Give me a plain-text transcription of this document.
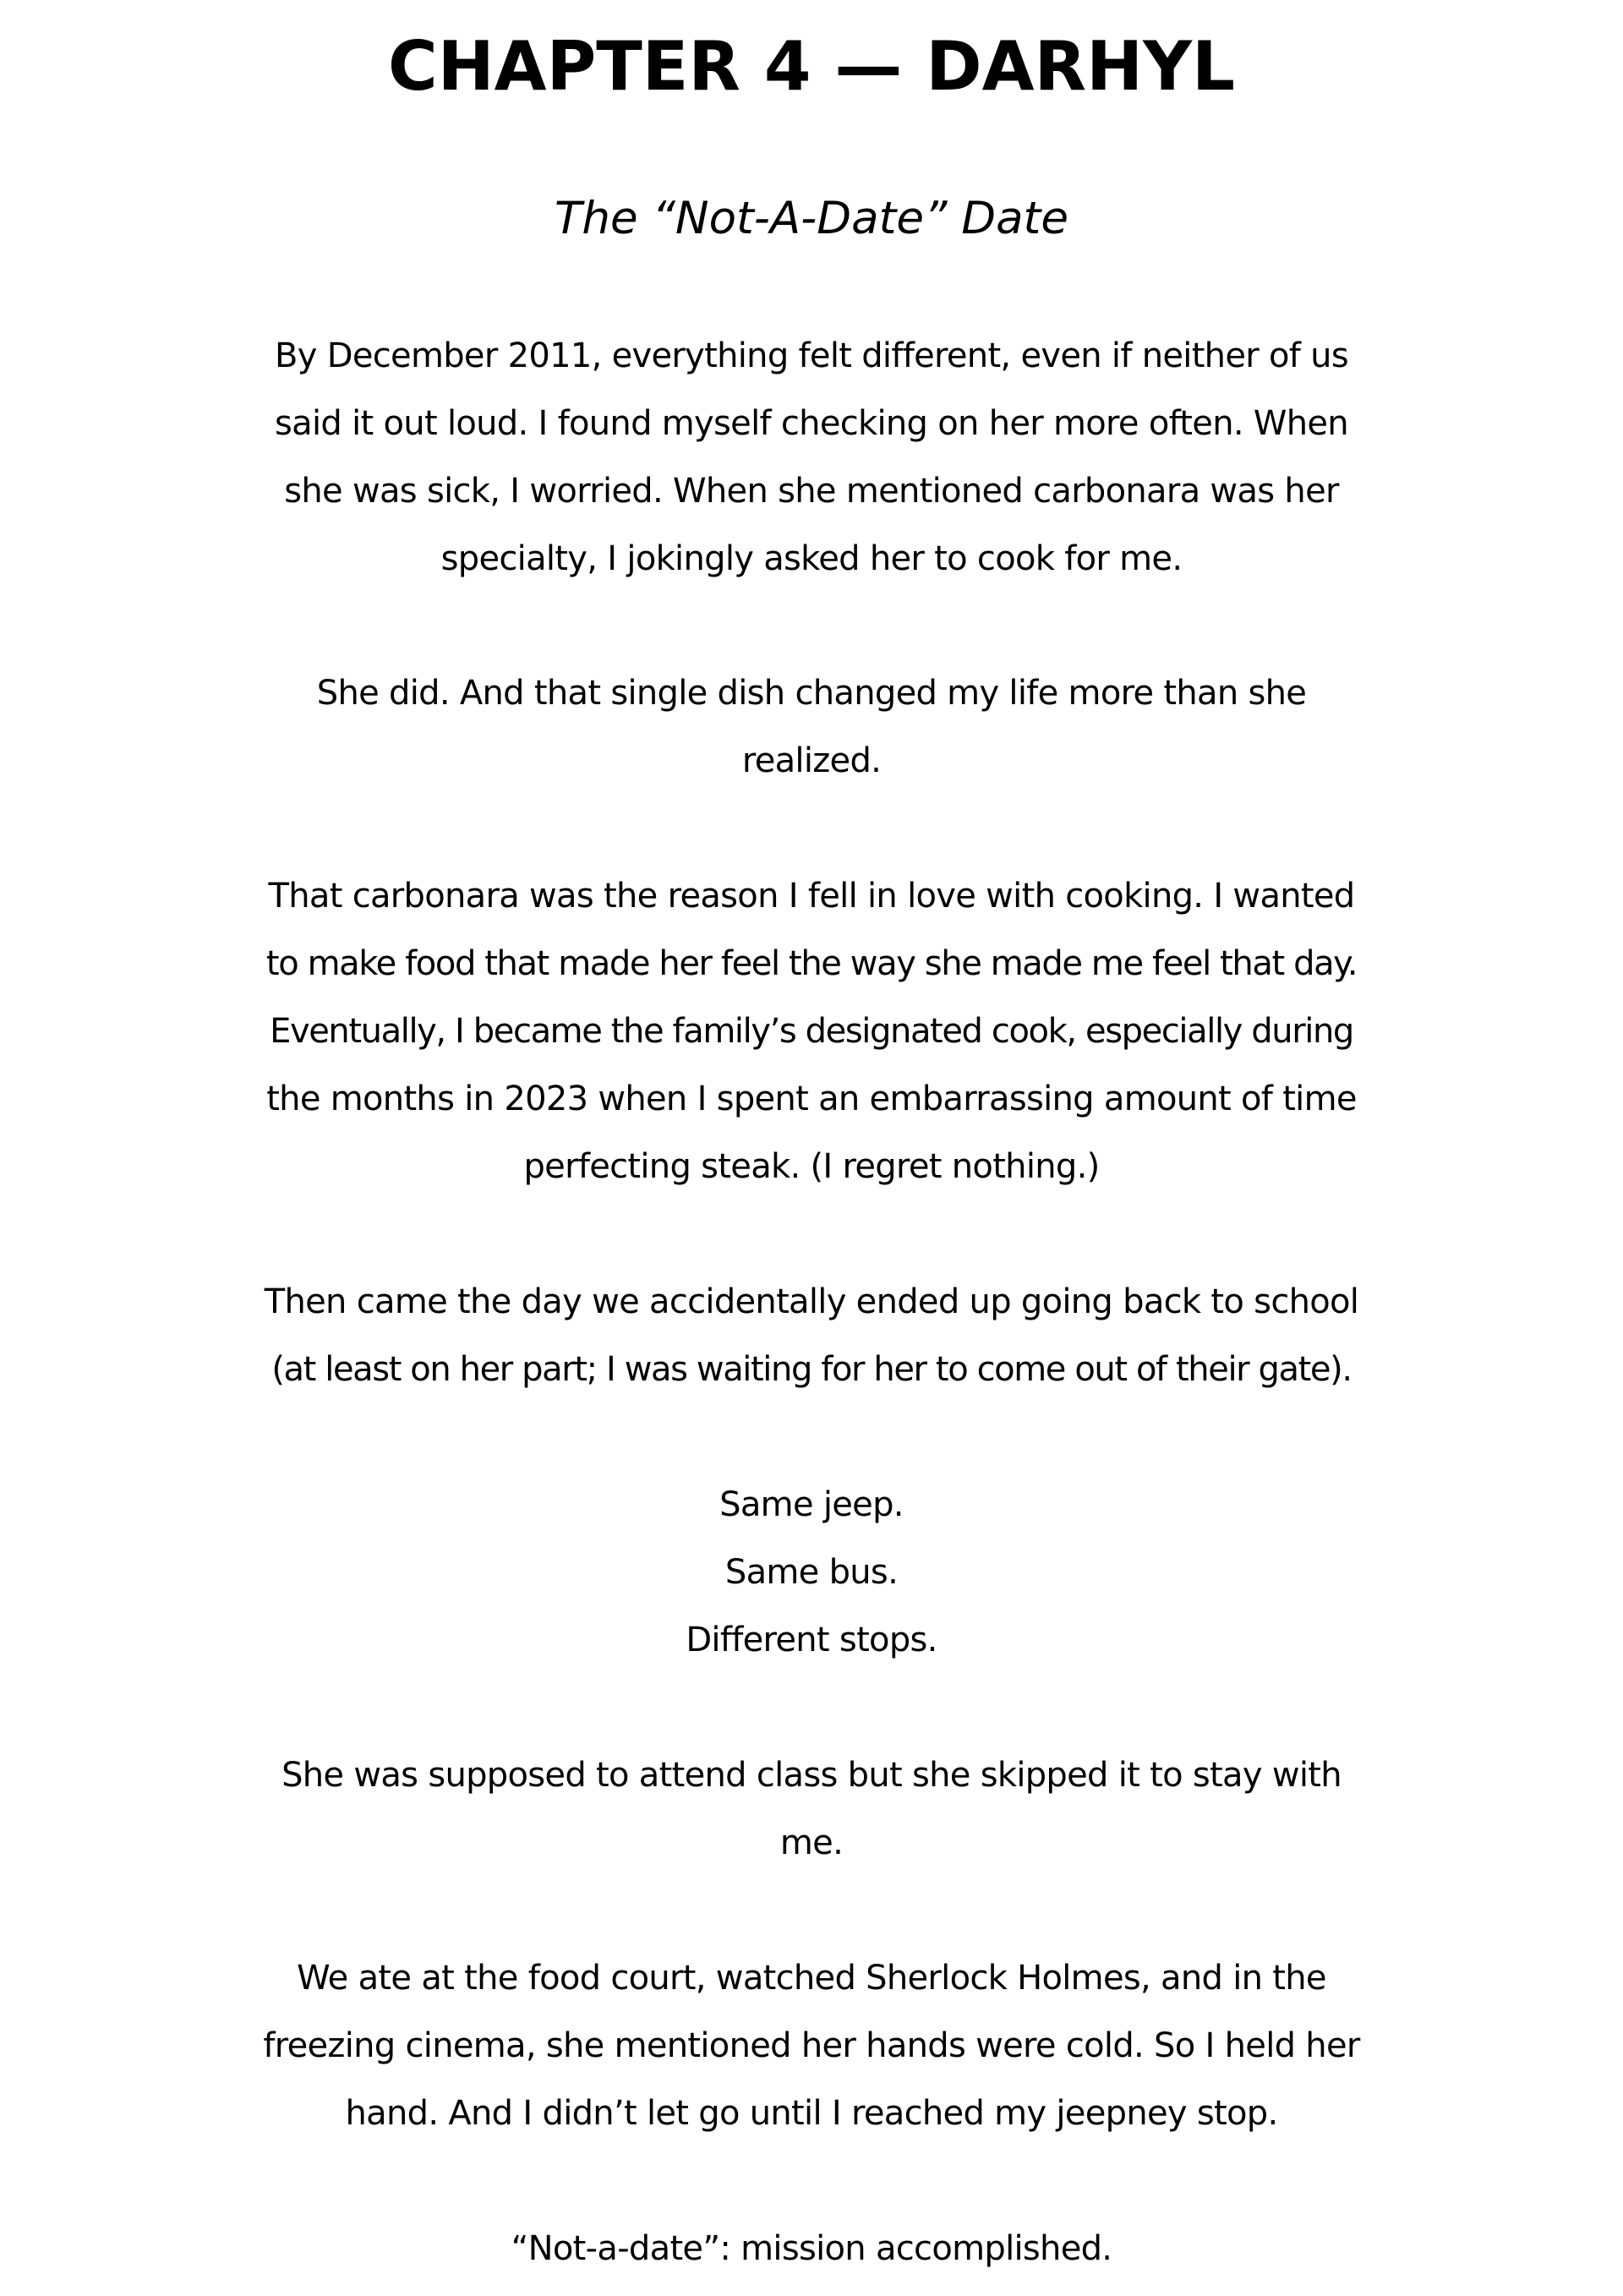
CHAPTER 4 — DARHYL

The “Not-A-Date” Date

By December 2011, everything felt different, even if neither of us
said it out loud. I found myself checking on her more often. When
she was sick, I worried. When she mentioned carbonara was her
specialty, I jokingly asked her to cook for me.

She did. And that single dish changed my life more than she
realized.

That carbonara was the reason I fell in love with cooking. I wanted
to make food that made her feel the way she made me feel that day.
Eventually, I became the family’s designated cook, especially during
the months in 2023 when I spent an embarrassing amount of time
perfecting steak. (I regret nothing.)

Then came the day we accidentally ended up going back to school
(at least on her part; I was waiting for her to come out of their gate).

Same jeep.
Same bus.
Different stops.

She was supposed to attend class but she skipped it to stay with
me.

We ate at the food court, watched Sherlock Holmes, and in the
freezing cinema, she mentioned her hands were cold. So I held her
hand. And I didn’t let go until I reached my jeepney stop.

“Not-a-date”: mission accomplished.
